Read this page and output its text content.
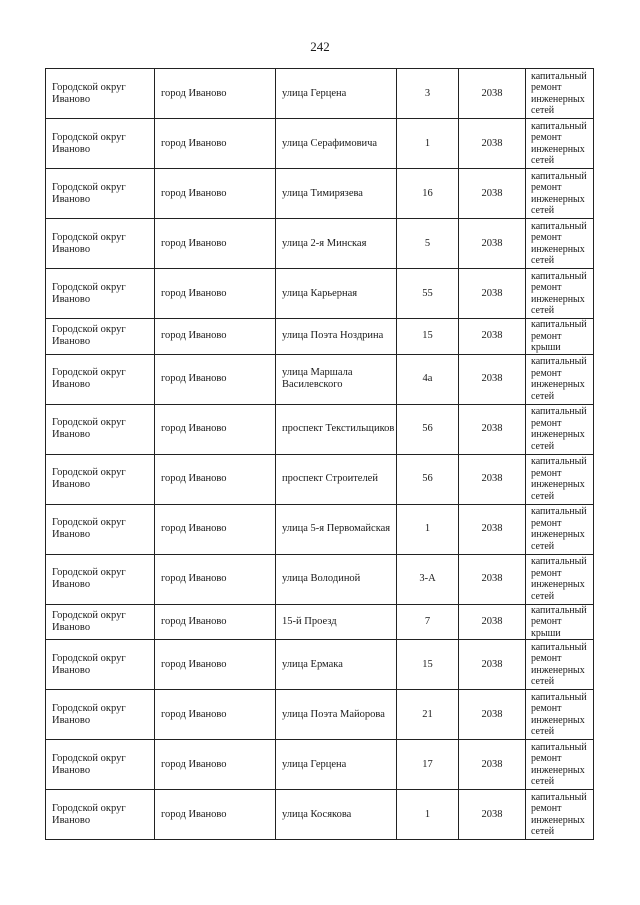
242
Городской округ Иваново	город Иваново	улица Герцена	3	2038	капитальный ремонт инженерных сетей
Городской округ Иваново	город Иваново	улица Серафимовича	1	2038	капитальный ремонт инженерных сетей
Городской округ Иваново	город Иваново	улица Тимирязева	16	2038	капитальный ремонт инженерных сетей
Городской округ Иваново	город Иваново	улица 2-я Минская	5	2038	капитальный ремонт инженерных сетей
Городской округ Иваново	город Иваново	улица Карьерная	55	2038	капитальный ремонт инженерных сетей
Городской округ Иваново	город Иваново	улица Поэта Ноздрина	15	2038	капитальный ремонт крыши
Городской округ Иваново	город Иваново	улица Маршала Василевского	4а	2038	капитальный ремонт инженерных сетей
Городской округ Иваново	город Иваново	проспект Текстильщиков	56	2038	капитальный ремонт инженерных сетей
Городской округ Иваново	город Иваново	проспект Строителей	56	2038	капитальный ремонт инженерных сетей
Городской округ Иваново	город Иваново	улица 5-я Первомайская	1	2038	капитальный ремонт инженерных сетей
Городской округ Иваново	город Иваново	улица Володиной	3-А	2038	капитальный ремонт инженерных сетей
Городской округ Иваново	город Иваново	15-й Проезд	7	2038	капитальный ремонт крыши
Городской округ Иваново	город Иваново	улица Ермака	15	2038	капитальный ремонт инженерных сетей
Городской округ Иваново	город Иваново	улица Поэта Майорова	21	2038	капитальный ремонт инженерных сетей
Городской округ Иваново	город Иваново	улица Герцена	17	2038	капитальный ремонт инженерных сетей
Городской округ Иваново	город Иваново	улица Косякова	1	2038	капитальный ремонт инженерных сетей
